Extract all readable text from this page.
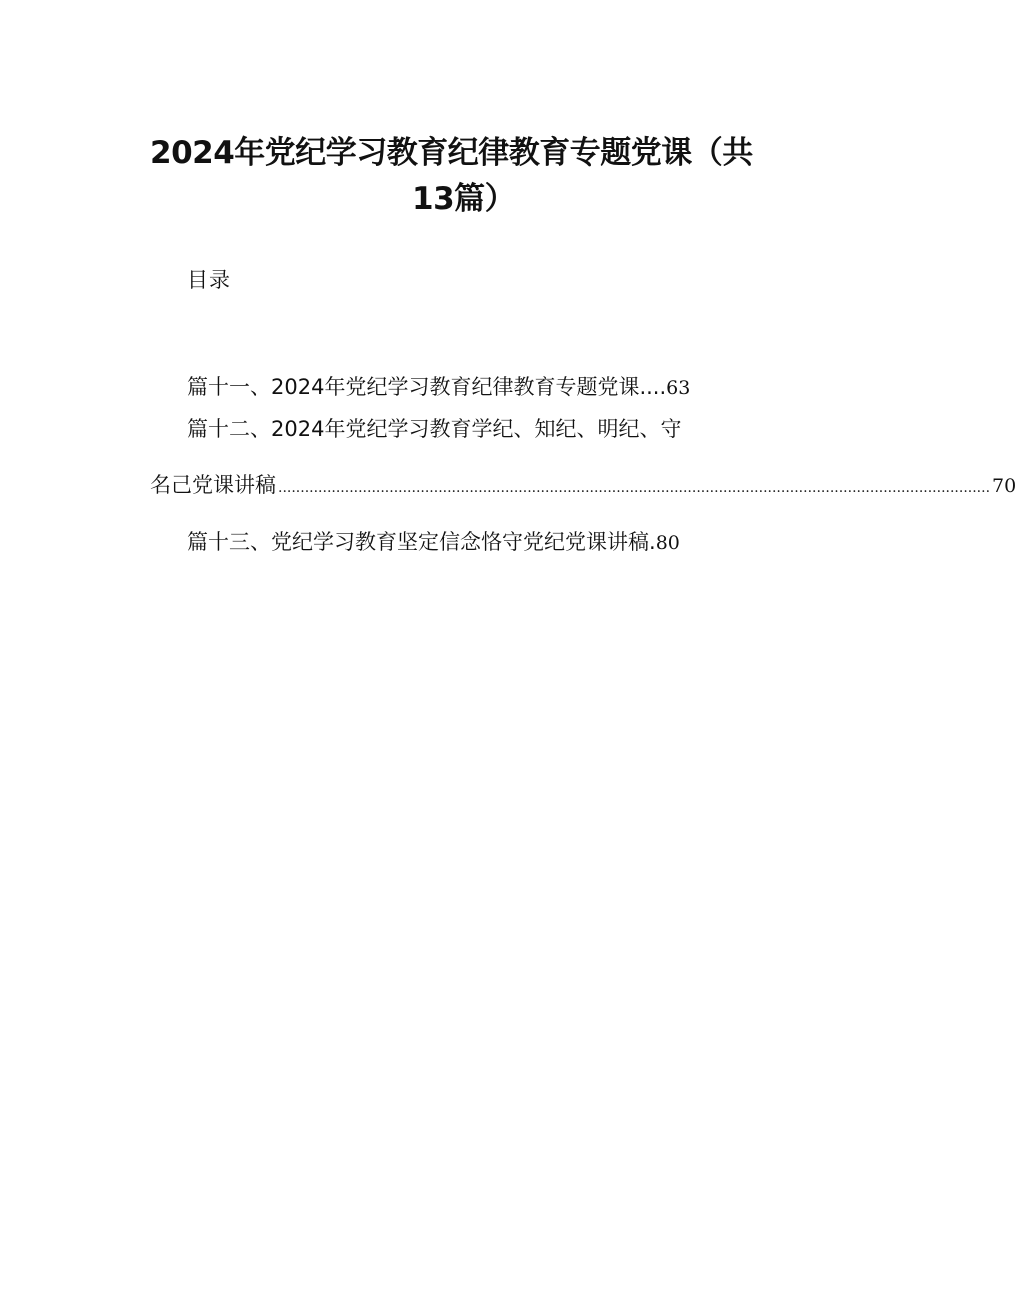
2024年党纪学习教育纪律教育专题党课（共
13篇）
目录
篇十一、2024年党纪学习教育纪律教育专题党课....63
篇十二、2024年党纪学习教育学纪、知纪、明纪、守
名己党课讲稿 ................................................................................................................................................................ 70
篇十三、党纪学习教育坚定信念恪守党纪党课讲稿.80
